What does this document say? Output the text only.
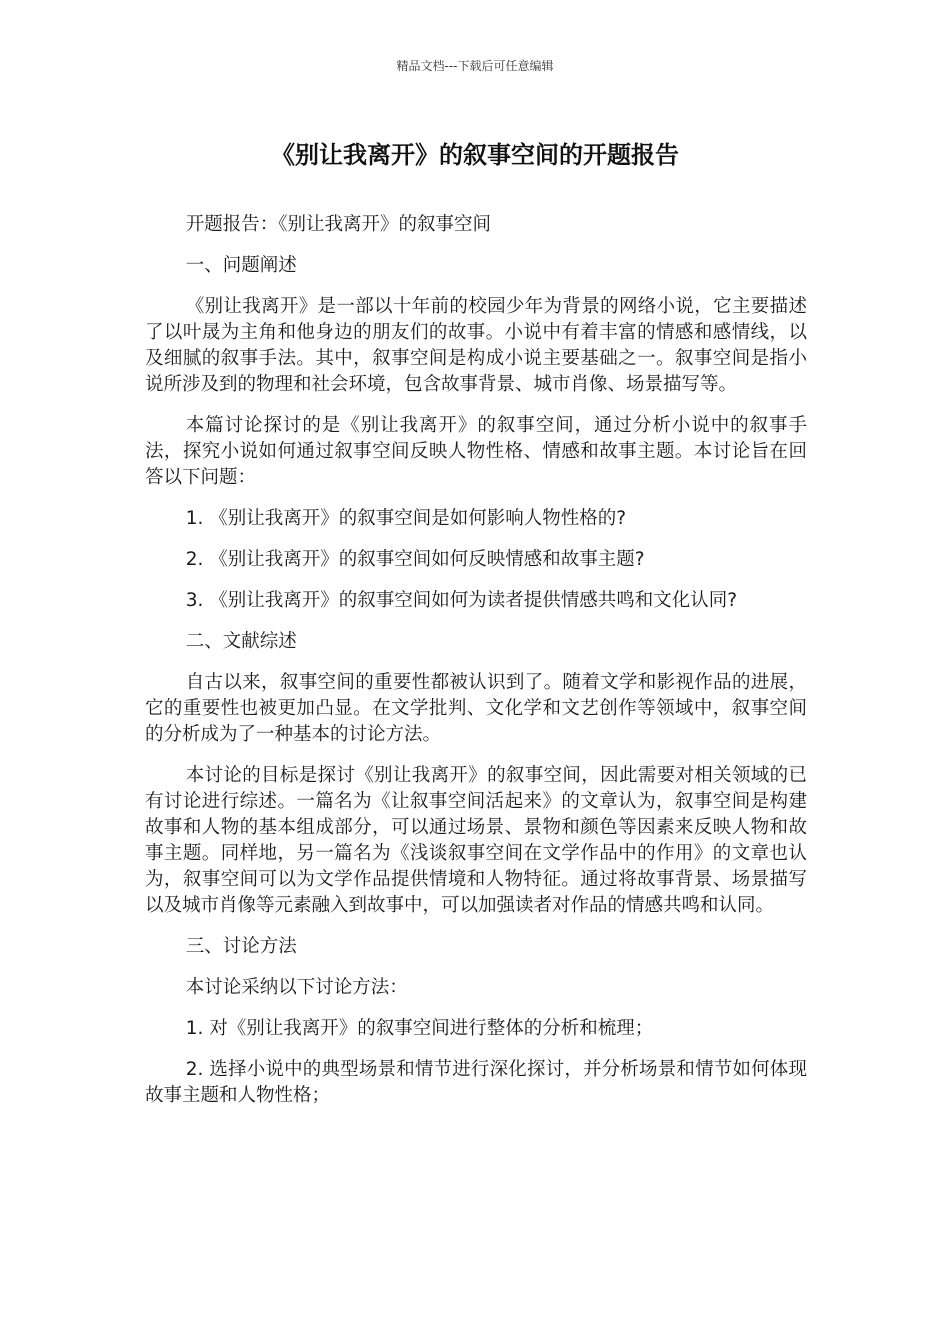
精品文档---下载后可任意编辑
《别让我离开》的叙事空间的开题报告

开题报告：《别让我离开》的叙事空间

一、问题阐述

《别让我离开》是一部以十年前的校园少年为背景的网络小说，它主要描述了以叶晟为主角和他身边的朋友们的故事。小说中有着丰富的情感和感情线，以及细腻的叙事手法。其中，叙事空间是构成小说主要基础之一。叙事空间是指小说所涉及到的物理和社会环境，包含故事背景、城市肖像、场景描写等。

本篇讨论探讨的是《别让我离开》的叙事空间，通过分析小说中的叙事手法，探究小说如何通过叙事空间反映人物性格、情感和故事主题。本讨论旨在回答以下问题：

1. 《别让我离开》的叙事空间是如何影响人物性格的?

2. 《别让我离开》的叙事空间如何反映情感和故事主题?

3. 《别让我离开》的叙事空间如何为读者提供情感共鸣和文化认同?

二、文献综述

自古以来，叙事空间的重要性都被认识到了。随着文学和影视作品的进展，它的重要性也被更加凸显。在文学批判、文化学和文艺创作等领域中，叙事空间的分析成为了一种基本的讨论方法。

本讨论的目标是探讨《别让我离开》的叙事空间，因此需要对相关领域的已有讨论进行综述。一篇名为《让叙事空间活起来》的文章认为，叙事空间是构建故事和人物的基本组成部分，可以通过场景、景物和颜色等因素来反映人物和故事主题。同样地，另一篇名为《浅谈叙事空间在文学作品中的作用》的文章也认为，叙事空间可以为文学作品提供情境和人物特征。通过将故事背景、场景描写以及城市肖像等元素融入到故事中，可以加强读者对作品的情感共鸣和认同。

三、讨论方法

本讨论采纳以下讨论方法：

1. 对《别让我离开》的叙事空间进行整体的分析和梳理；

2. 选择小说中的典型场景和情节进行深化探讨，并分析场景和情节如何体现故事主题和人物性格；
